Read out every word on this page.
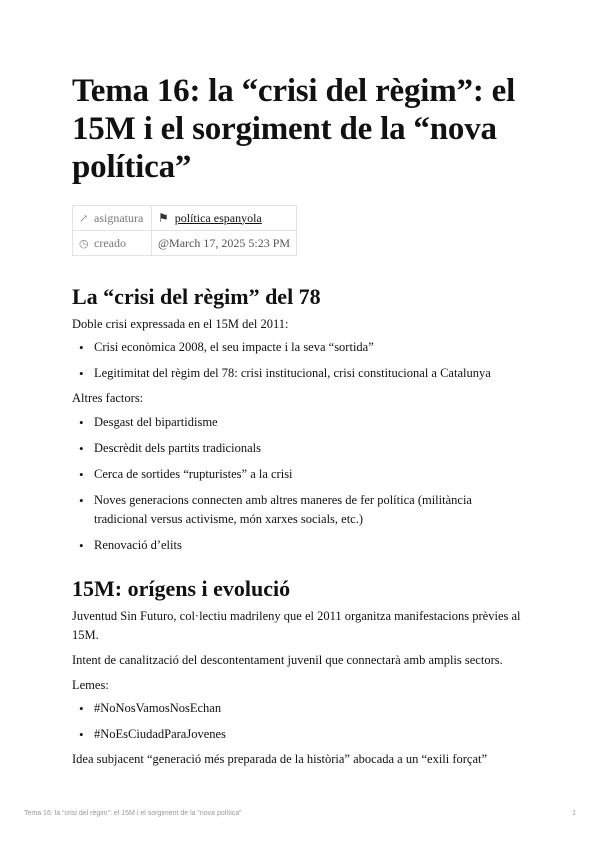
Tema 16: la “crisi del règim”: el 15M i el sorgiment de la “nova política”
↗ asignatura	⚑ política espanyola
◷ creado	@March 17, 2025 5:23 PM
La “crisi del règim” del 78

Doble crisi expressada en el 15M del 2011:

• Crisi econòmica 2008, el seu impacte i la seva “sortida”
• Legitimitat del règim del 78: crisi institucional, crisi constitucional a Catalunya

Altres factors:

• Desgast del bipartidisme
• Descrèdit dels partits tradicionals
• Cerca de sortides “rupturistes” a la crisi
• Noves generacions connecten amb altres maneres de fer política (militància tradicional versus activisme, món xarxes socials, etc.)
• Renovació d’elits
15M: orígens i evolució

Juventud Sin Futuro, col·lectiu madrileny que el 2011 organitza manifestacions prèvies al 15M.

Intent de canalització del descontentament juvenil que connectarà amb amplis sectors.

Lemes:

• #NoNosVamosNosEchan
• #NoEsCiudadParaJovenes

Idea subjacent “generació més preparada de la història” abocada a un “exili forçat”

Tema 16: la “crisi del règim”: el 15M i el sorgiment de la “nova política”	1
